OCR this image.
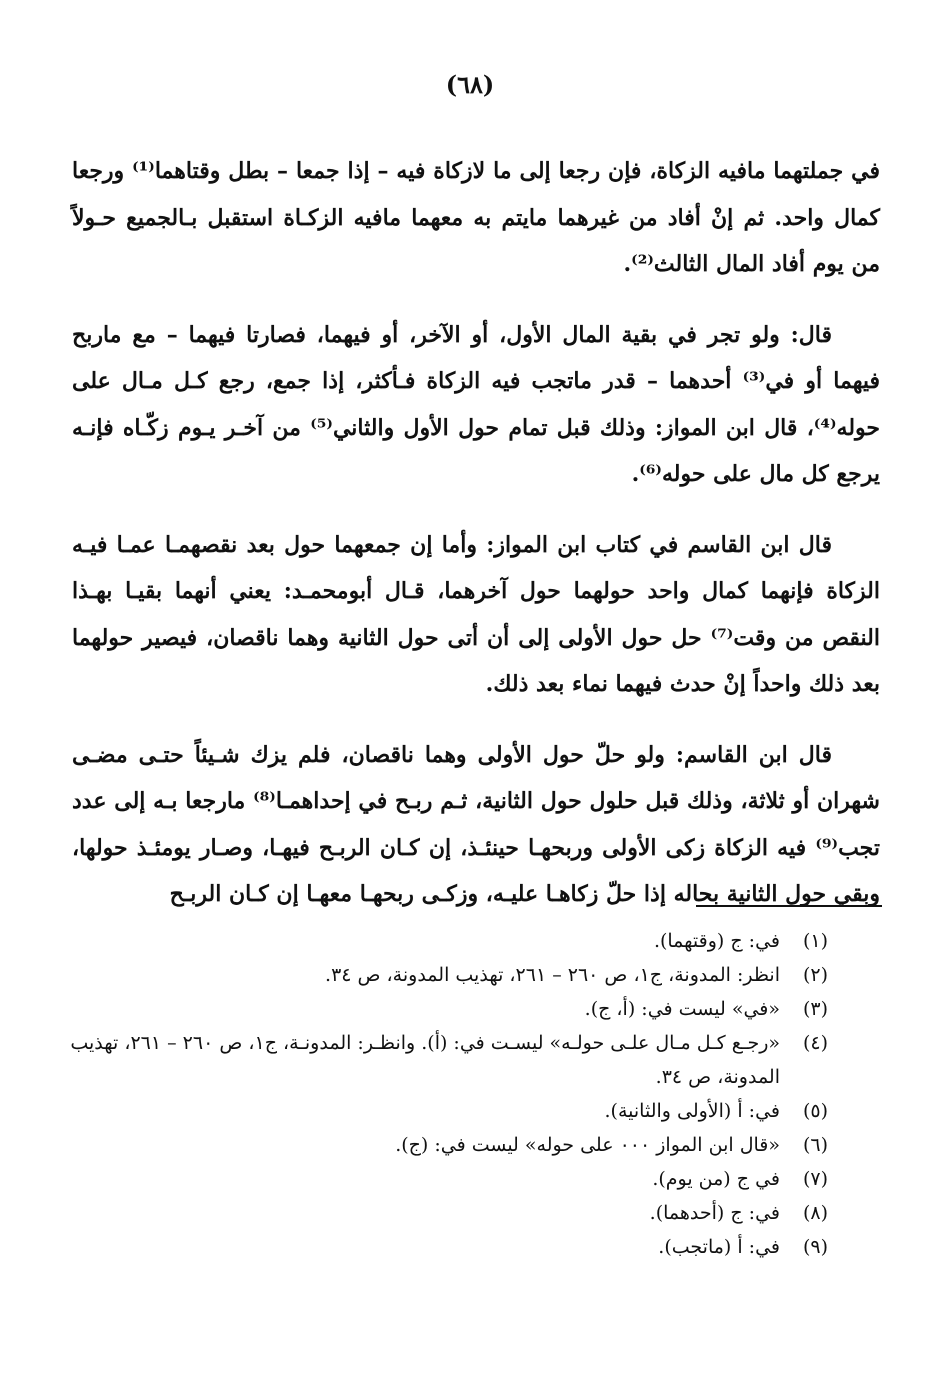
(٦٨)

في جملتهما مافيه الزكاة، فإن رجعا إلى ما لازكاة فيه – إذا جمعا – بطل وقتاهما⁽¹⁾ ورجعا كمال واحد. ثم إنْ أفاد من غيرهما مايتم به معهما مافيه الزكـاة استقبل بـالجميع حـولاً من يوم أفاد المال الثالث⁽²⁾.

قال: ولو تجر في بقية المال الأول، أو الآخر، أو فيهما، فصارتا فيهما – مع ماربح فيهما أو في⁽³⁾ أحدهما – قدر ماتجب فيه الزكاة فـأكثر، إذا جمع، رجع كـل مـال على حوله⁽⁴⁾، قال ابن المواز: وذلك قبل تمام حول الأول والثاني⁽⁵⁾ من آخـر يـوم زكّـاه فإنـه يرجع كل مال على حوله⁽⁶⁾.

قال ابن القاسم في كتاب ابن المواز: وأما إن جمعهما حول بعد نقصهمـا عمـا فيـه الزكاة فإنهما كمال واحد حولهما حول آخرهما، قـال أبومحمـد: يعني أنهما بقيـا بهـذا النقص من وقت⁽⁷⁾ حل حول الأولى إلى أن أتى حول الثانية وهما ناقصان، فيصير حولهما بعد ذلك واحداً إنْ حدث فيهما نماء بعد ذلك.

قال ابن القاسم: ولو حلّ حول الأولى وهما ناقصان، فلم يزك شـيئاً حتـى مضـى شهران أو ثلاثة، وذلك قبل حلول حول الثانية، ثـم ربـح في إحداهمـا⁽⁸⁾ مارجعا بـه إلى عدد تجب⁽⁹⁾ فيه الزكاة زكى الأولى وربحهـا حينئـذ، إن كـان الربـح فيهـا، وصـار يومئـذ حولها، وبقي حول الثانية بحاله إذا حلّ زكاهـا عليـه، وزكـى ربحهـا معهـا إن كـان الربـح

(١)
في: ج (وقتهما).
(٢)
انظر: المدونة، ج١، ص ٢٦٠ – ٢٦١، تهذيب المدونة، ص ٣٤.
(٣)
«في» ليست في: (أ، ج).
(٤)
«رجـع كـل مـال علـى حولـه» ليسـت في: (أ). وانظـر: المدونـة، ج١، ص ٢٦٠ – ٢٦١، تهذيب المدونة، ص ٣٤.
(٥)
في: أ (الأولى والثانية).
(٦)
«قال ابن المواز ٠٠٠ على حوله» ليست في: (ج).
(٧)
في ج (من يوم).
(٨)
في: ج (أحدهما).
(٩)
في: أ (ماتجب).
